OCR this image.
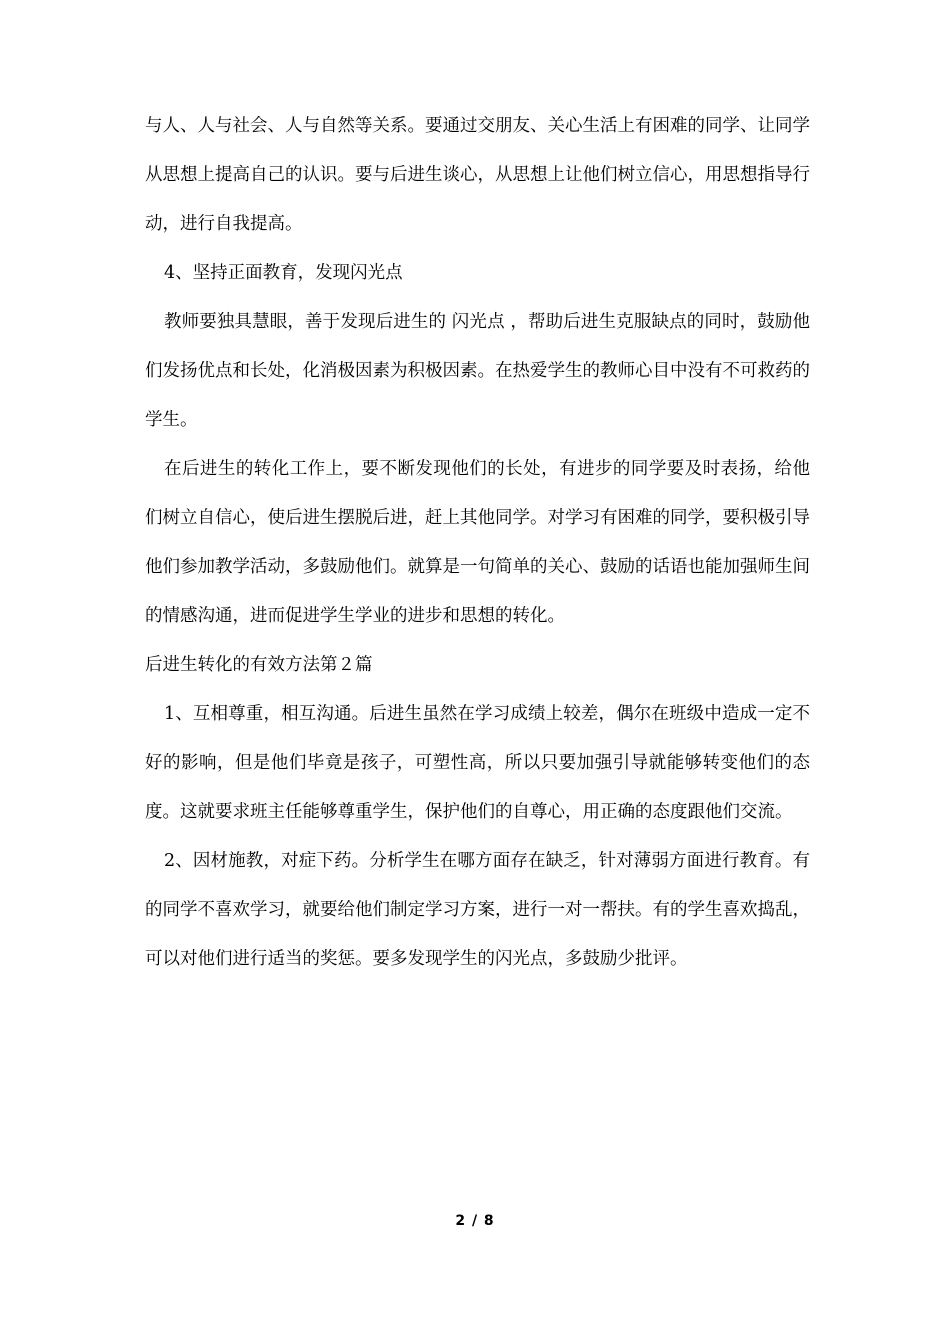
与人、人与社会、人与自然等关系。要通过交朋友、关心生活上有困难的同学、让同学从思想上提高自己的认识。要与后进生谈心，从思想上让他们树立信心，用思想指导行动，进行自我提高。

4、坚持正面教育，发现闪光点

教师要独具慧眼，善于发现后进生的 闪光点 ，帮助后进生克服缺点的同时，鼓励他们发扬优点和长处，化消极因素为积极因素。在热爱学生的教师心目中没有不可救药的学生。

在后进生的转化工作上，要不断发现他们的长处，有进步的同学要及时表扬，给他们树立自信心，使后进生摆脱后进，赶上其他同学。对学习有困难的同学，要积极引导他们参加教学活动，多鼓励他们。就算是一句简单的关心、鼓励的话语也能加强师生间的情感沟通，进而促进学生学业的进步和思想的转化。

后进生转化的有效方法第２篇

1、互相尊重，相互沟通。后进生虽然在学习成绩上较差，偶尔在班级中造成一定不好的影响，但是他们毕竟是孩子，可塑性高，所以只要加强引导就能够转变他们的态度。这就要求班主任能够尊重学生，保护他们的自尊心，用正确的态度跟他们交流。

2、因材施教，对症下药。分析学生在哪方面存在缺乏，针对薄弱方面进行教育。有的同学不喜欢学习，就要给他们制定学习方案，进行一对一帮扶。有的学生喜欢捣乱，可以对他们进行适当的奖惩。要多发现学生的闪光点，多鼓励少批评。

2 / 8
